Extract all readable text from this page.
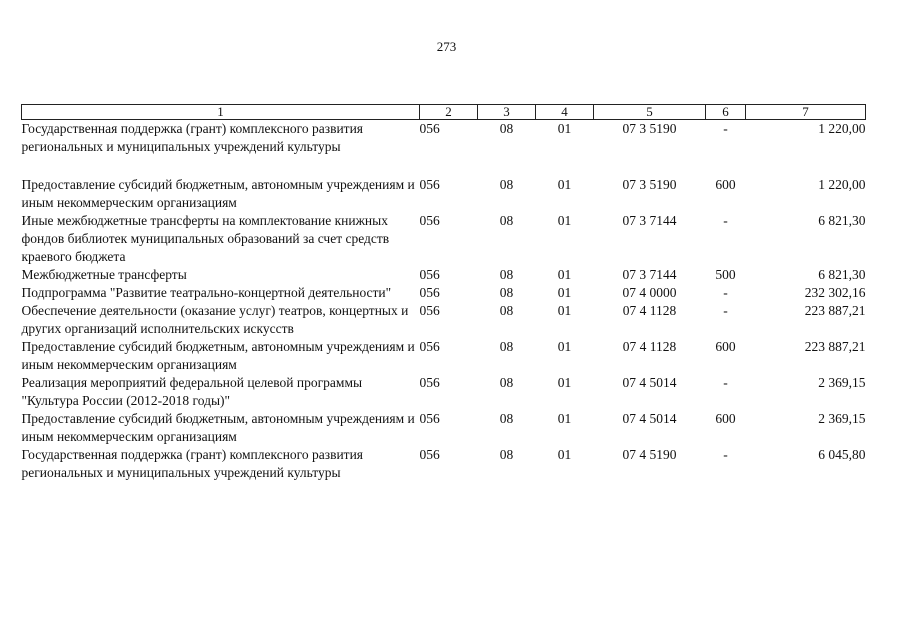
273
1	2	3	4	5	6	7
Государственная поддержка (грант) комплексного развития региональных и муниципальных учреждений культуры	056	08	01	07 3 5190	-	1 220,00
Предоставление субсидий бюджетным, автономным учреждениям и иным некоммерческим организациям	056	08	01	07 3 5190	600	1 220,00
Иные межбюджетные трансферты на комплектование книжных фондов библиотек муниципальных образований за счет средств краевого бюджета	056	08	01	07 3 7144	-	6 821,30
Межбюджетные трансферты	056	08	01	07 3 7144	500	6 821,30
Подпрограмма "Развитие театрально-концертной деятельности"	056	08	01	07 4 0000	-	232 302,16
Обеспечение деятельности (оказание услуг) театров, концертных и других организаций исполнительских искусств	056	08	01	07 4 1128	-	223 887,21
Предоставление субсидий бюджетным, автономным учреждениям и иным некоммерческим организациям	056	08	01	07 4 1128	600	223 887,21
Реализация мероприятий федеральной целевой программы "Культура России (2012-2018 годы)"	056	08	01	07 4 5014	-	2 369,15
Предоставление субсидий бюджетным, автономным учреждениям и иным некоммерческим организациям	056	08	01	07 4 5014	600	2 369,15
Государственная поддержка (грант) комплексного развития региональных и муниципальных учреждений культуры	056	08	01	07 4 5190	-	6 045,80
